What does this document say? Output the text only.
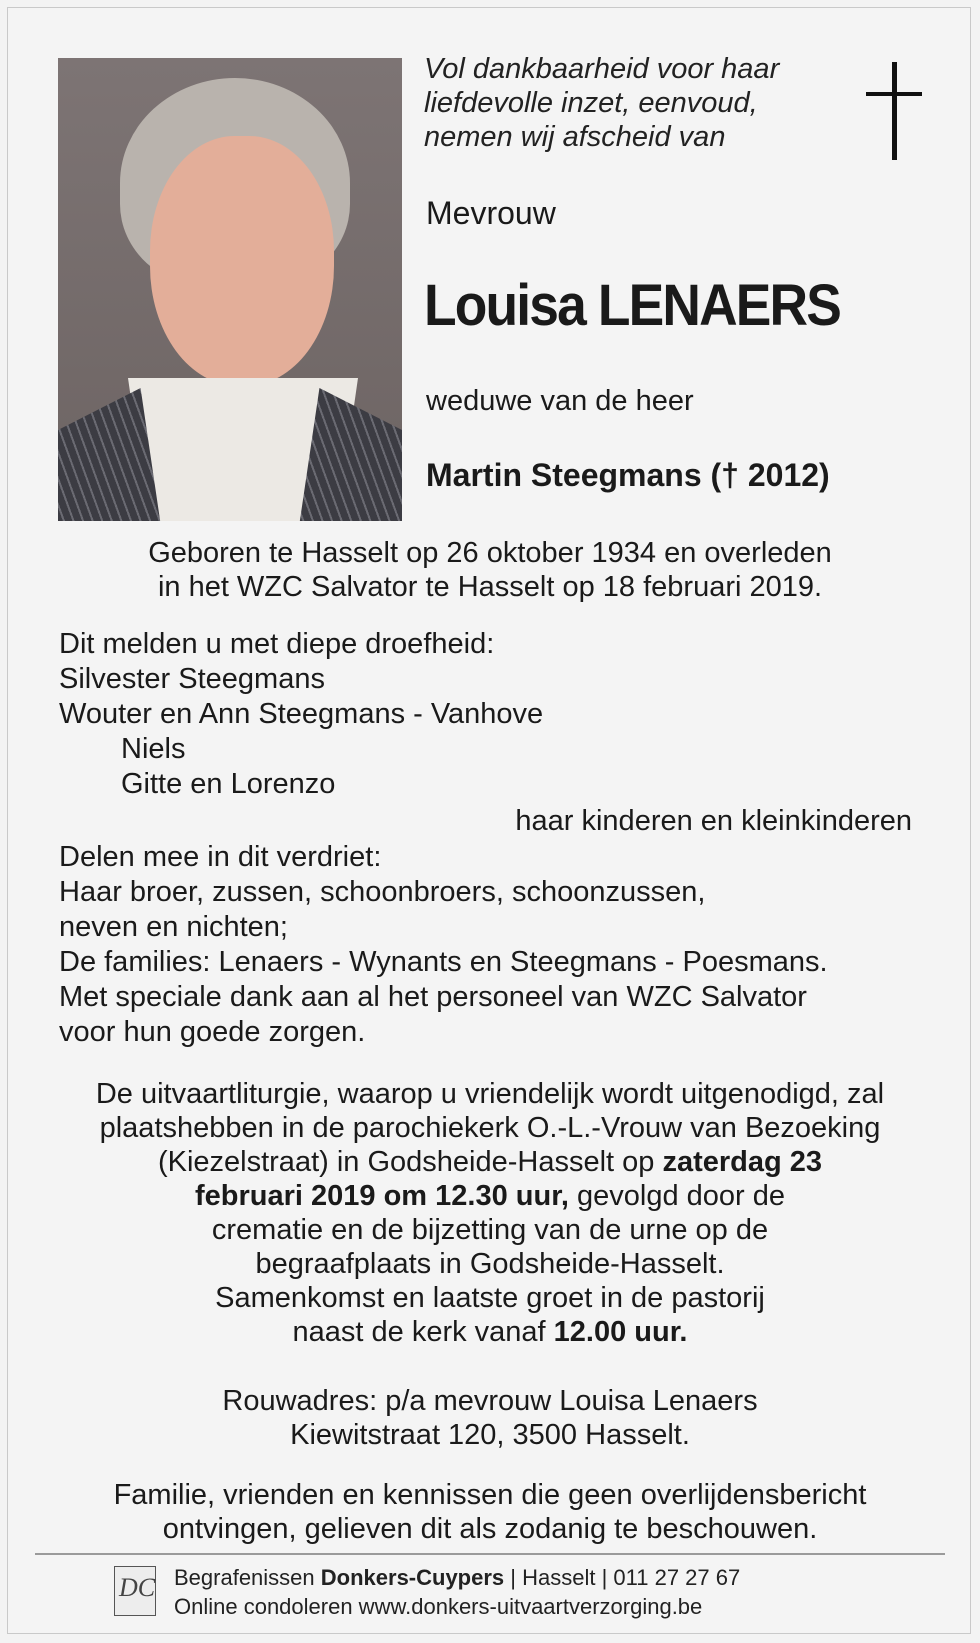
Vol dankbaarheid voor haar
liefdevolle inzet, eenvoud,
nemen wij afscheid van
Mevrouw
Louisa LENAERS
weduwe van de heer
Martin Steegmans († 2012)
Geboren te Hasselt op 26 oktober 1934 en overleden
in het WZC Salvator te Hasselt op 18 februari 2019.
Dit melden u met diepe droefheid:
Silvester Steegmans
Wouter en Ann Steegmans - Vanhove
Niels
Gitte en Lorenzo
haar kinderen en kleinkinderen
Delen mee in dit verdriet:
Haar broer, zussen, schoonbroers, schoonzussen,
neven en nichten;
De families: Lenaers - Wynants en Steegmans - Poesmans.
Met speciale dank aan al het personeel van WZC Salvator
voor hun goede zorgen.
De uitvaartliturgie, waarop u vriendelijk wordt uitgenodigd, zal
plaatshebben in de parochiekerk O.-L.-Vrouw van Bezoeking
(Kiezelstraat) in Godsheide-Hasselt op zaterdag 23
februari 2019 om 12.30 uur, gevolgd door de
crematie en de bijzetting van de urne op de
begraafplaats in Godsheide-Hasselt.
Samenkomst en laatste groet in de pastorij
naast de kerk vanaf 12.00 uur.
Rouwadres: p/a mevrouw Louisa Lenaers
Kiewitstraat 120, 3500 Hasselt.
Familie, vrienden en kennissen die geen overlijdensbericht
ontvingen, gelieven dit als zodanig te beschouwen.
DC Begrafenissen Donkers-Cuypers | Hasselt | 011 27 27 67
Online condoleren www.donkers-uitvaartverzorging.be
